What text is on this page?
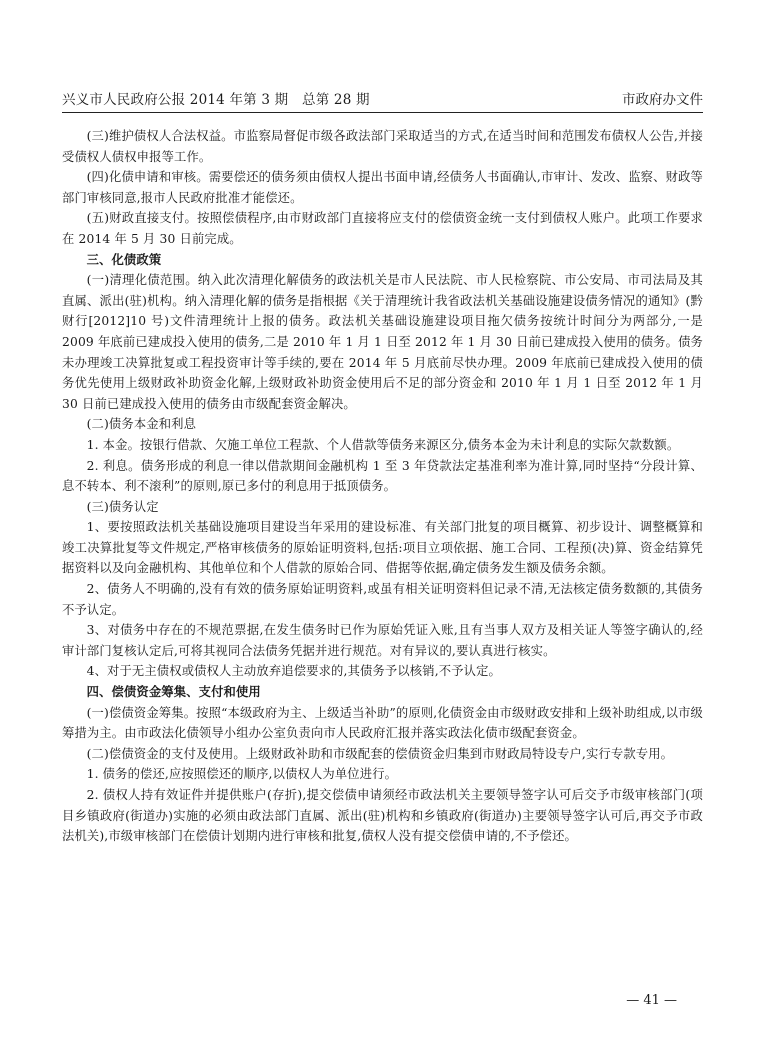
兴义市人民政府公报 2014 年第 3 期　总第 28 期	市政府办文件

(三)维护债权人合法权益。市监察局督促市级各政法部门采取适当的方式,在适当时间和范围发布债权人公告,并接受债权人债权申报等工作。

(四)化债申请和审核。需要偿还的债务须由债权人提出书面申请,经债务人书面确认,市审计、发改、监察、财政等部门审核同意,报市人民政府批准才能偿还。

(五)财政直接支付。按照偿债程序,由市财政部门直接将应支付的偿债资金统一支付到债权人账户。此项工作要求在 2014 年 5 月 30 日前完成。

三、化债政策

(一)清理化债范围。纳入此次清理化解债务的政法机关是市人民法院、市人民检察院、市公安局、市司法局及其直属、派出(驻)机构。纳入清理化解的债务是指根据《关于清理统计我省政法机关基础设施建设债务情况的通知》(黔财行[2012]10 号)文件清理统计上报的债务。政法机关基础设施建设项目拖欠债务按统计时间分为两部分,一是 2009 年底前已建成投入使用的债务,二是 2010 年 1 月 1 日至 2012 年 1 月 30 日前已建成投入使用的债务。债务未办理竣工决算批复或工程投资审计等手续的,要在 2014 年 5 月底前尽快办理。2009 年底前已建成投入使用的债务优先使用上级财政补助资金化解,上级财政补助资金使用后不足的部分资金和 2010 年 1 月 1 日至 2012 年 1 月 30 日前已建成投入使用的债务由市级配套资金解决。

(二)债务本金和利息

1. 本金。按银行借款、欠施工单位工程款、个人借款等债务来源区分,债务本金为未计利息的实际欠款数额。

2. 利息。债务形成的利息一律以借款期间金融机构 1 至 3 年贷款法定基准利率为准计算,同时坚持“分段计算、息不转本、利不滚利”的原则,原已多付的利息用于抵顶债务。

(三)债务认定

1、要按照政法机关基础设施项目建设当年采用的建设标准、有关部门批复的项目概算、初步设计、调整概算和竣工决算批复等文件规定,严格审核债务的原始证明资料,包括:项目立项依据、施工合同、工程预(决)算、资金结算凭据资料以及向金融机构、其他单位和个人借款的原始合同、借据等依据,确定债务发生额及债务余额。

2、债务人不明确的,没有有效的债务原始证明资料,或虽有相关证明资料但记录不清,无法核定债务数额的,其债务不予认定。

3、对债务中存在的不规范票据,在发生债务时已作为原始凭证入账,且有当事人双方及相关证人等签字确认的,经审计部门复核认定后,可将其视同合法债务凭据并进行规范。对有异议的,要认真进行核实。

4、对于无主债权或债权人主动放弃追偿要求的,其债务予以核销,不予认定。

四、偿债资金筹集、支付和使用

(一)偿债资金筹集。按照“本级政府为主、上级适当补助”的原则,化债资金由市级财政安排和上级补助组成,以市级筹措为主。由市政法化债领导小组办公室负责向市人民政府汇报并落实政法化债市级配套资金。

(二)偿债资金的支付及使用。上级财政补助和市级配套的偿债资金归集到市财政局特设专户,实行专款专用。

1. 债务的偿还,应按照偿还的顺序,以债权人为单位进行。

2. 债权人持有效证件并提供账户(存折),提交偿债申请须经市政法机关主要领导签字认可后交予市级审核部门(项目乡镇政府(街道办)实施的必须由政法部门直属、派出(驻)机构和乡镇政府(街道办)主要领导签字认可后,再交予市政法机关),市级审核部门在偿债计划期内进行审核和批复,债权人没有提交偿债申请的,不予偿还。

— 41 —
